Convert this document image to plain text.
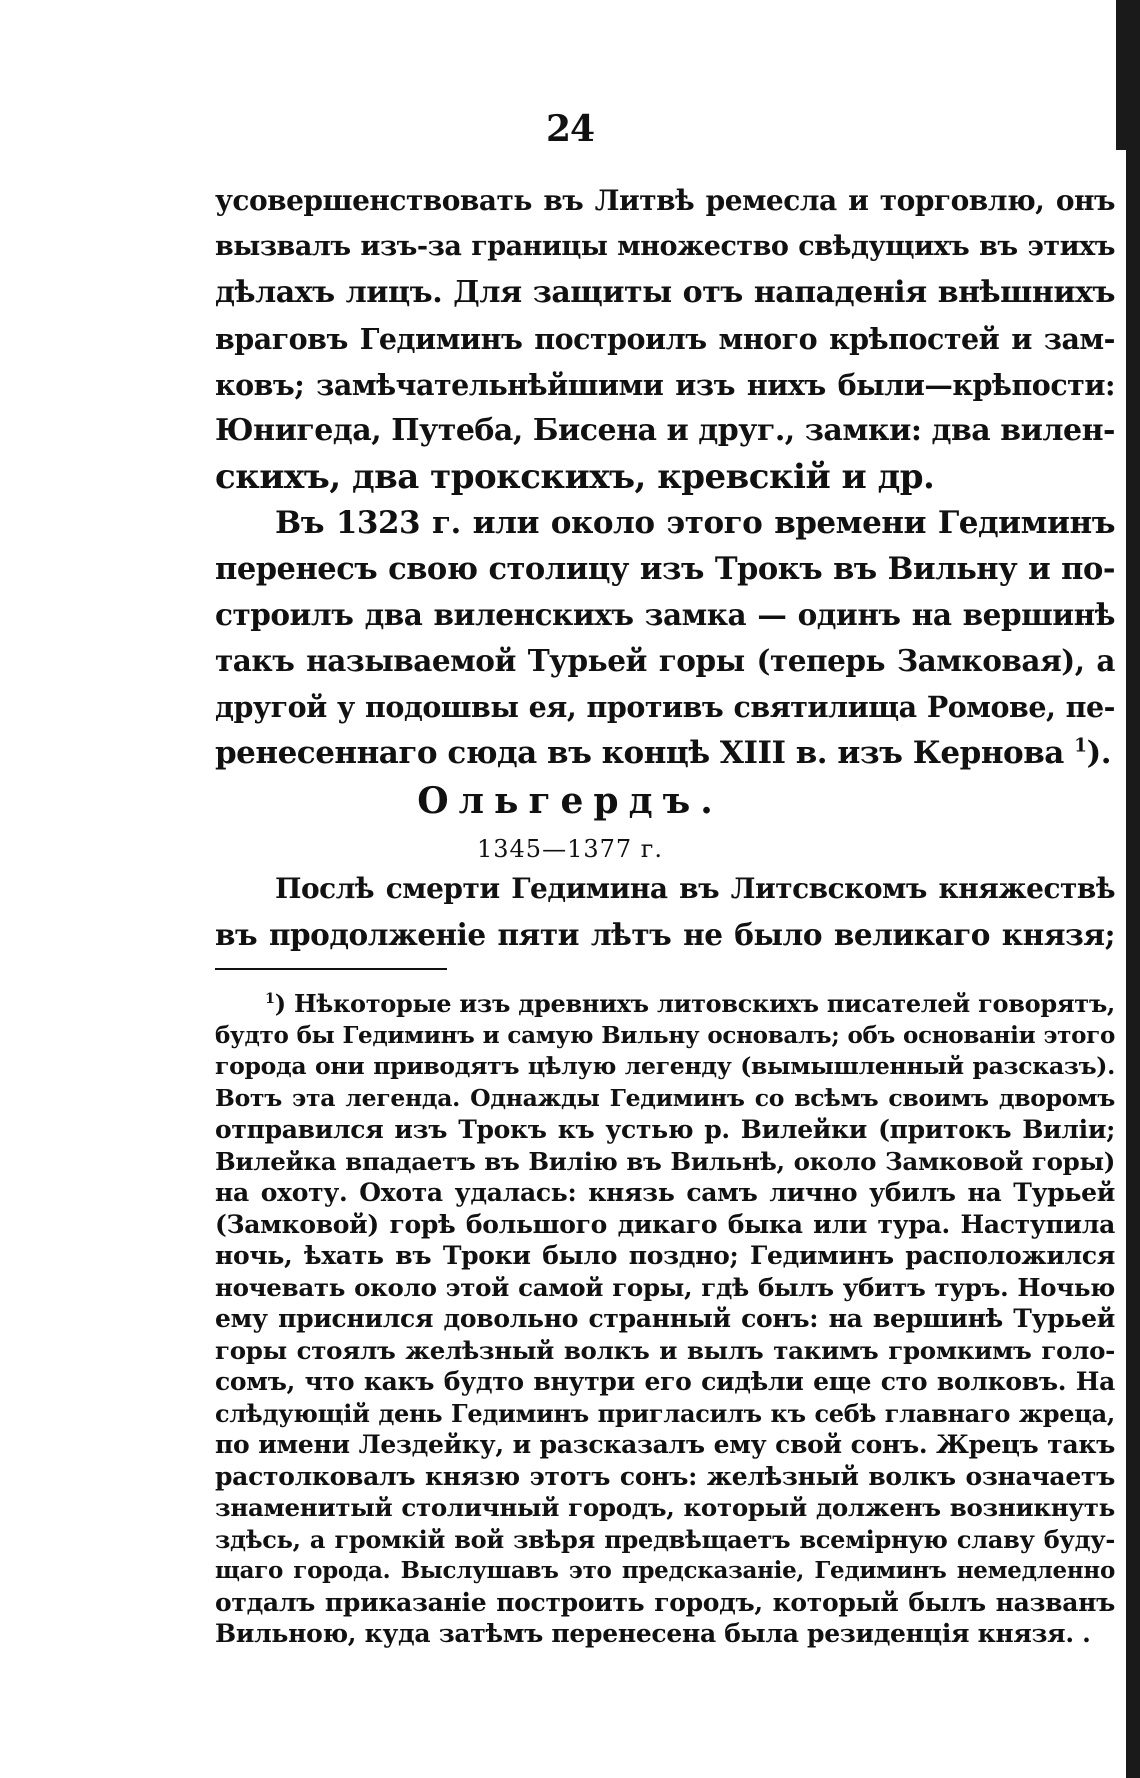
24
усовершенствовать въ Литвѣ ремесла и торговлю, онъ
вызвалъ изъ-за границы множество свѣдущихъ въ этихъ
дѣлахъ лицъ. Для защиты отъ нападенія внѣшнихъ
враговъ Гедиминъ построилъ много крѣпостей и зам-
ковъ; замѣчательнѣйшими изъ нихъ были—крѣпости:
Юнигеда, Путеба, Бисена и друг., замки: два вилен-
скихъ, два трокскихъ, кревскій и др.
Въ 1323 г. или около этого времени Гедиминъ
перенесъ свою столицу изъ Трокъ въ Вильну и по-
строилъ два виленскихъ замка — одинъ на вершинѣ
такъ называемой Турьей горы (теперь Замковая), а
другой у подошвы ея, противъ святилища Ромове, пе-
ренесеннаго сюда въ концѣ XIII в. изъ Кернова $^1$).
Ольгердъ.
1345—1377 г.
Послѣ смерти Гедимина въ Литсвскомъ княжествѣ
въ продолженіе пяти лѣтъ не было великаго князя;
$^1$) Нѣкоторые изъ древнихъ литовскихъ писателей говорятъ,
будто бы Гедиминъ и самую Вильну основалъ; объ основаніи этого
города они приводятъ цѣлую легенду (вымышленный разсказъ).
Вотъ эта легенда. Однажды Гедиминъ со всѣмъ своимъ дворомъ
отправился изъ Трокъ къ устью р. Вилейки (притокъ Виліи;
Вилейка впадаетъ въ Вилію въ Вильнѣ, около Замковой горы)
на охоту. Охота удалась: князь самъ лично убилъ на Турьей
(Замковой) горѣ большого дикаго быка или тура. Наступила
ночь, ѣхать въ Троки было поздно; Гедиминъ расположился
ночевать около этой самой горы, гдѣ былъ убитъ туръ. Ночью
ему приснился довольно странный сонъ: на вершинѣ Турьей
горы стоялъ желѣзный волкъ и вылъ такимъ громкимъ голо-
сомъ, что какъ будто внутри его сидѣли еще сто волковъ. На
слѣдующій день Гедиминъ пригласилъ къ себѣ главнаго жреца,
по имени Лездейку, и разсказалъ ему свой сонъ. Жрецъ такъ
растолковалъ князю этотъ сонъ: желѣзный волкъ означаетъ
знаменитый столичный городъ, который долженъ возникнуть
здѣсь, а громкій вой звѣря предвѣщаетъ всемірную славу буду-
щаго города. Выслушавъ это предсказаніе, Гедиминъ немедленно
отдалъ приказаніе построить городъ, который былъ названъ
Вильною, куда затѣмъ перенесена была резиденція князя. .
